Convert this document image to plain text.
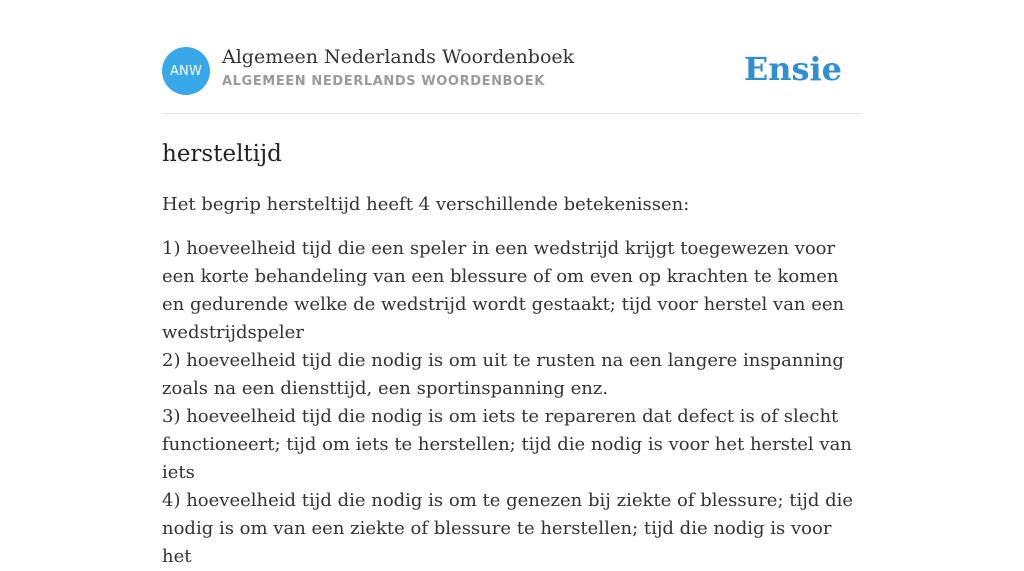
ANW
Algemeen Nederlands Woordenboek
ALGEMEEN NEDERLANDS WOORDENBOEK	Ensie
hersteltijd

Het begrip hersteltijd heeft 4 verschillende betekenissen:

1) hoeveelheid tijd die een speler in een wedstrijd krijgt toegewezen voor een korte behandeling van een blessure of om even op krachten te komen en gedurende welke de wedstrijd wordt gestaakt; tijd voor herstel van een wedstrijdspeler
2) hoeveelheid tijd die nodig is om uit te rusten na een langere inspanning zoals na een diensttijd, een sportinspanning enz.
3) hoeveelheid tijd die nodig is om iets te repareren dat defect is of slecht functioneert; tijd om iets te herstellen; tijd die nodig is voor het herstel van iets
4) hoeveelheid tijd die nodig is om te genezen bij ziekte of blessure; tijd die nodig is om van een ziekte of blessure te herstellen; tijd die nodig is voor het
